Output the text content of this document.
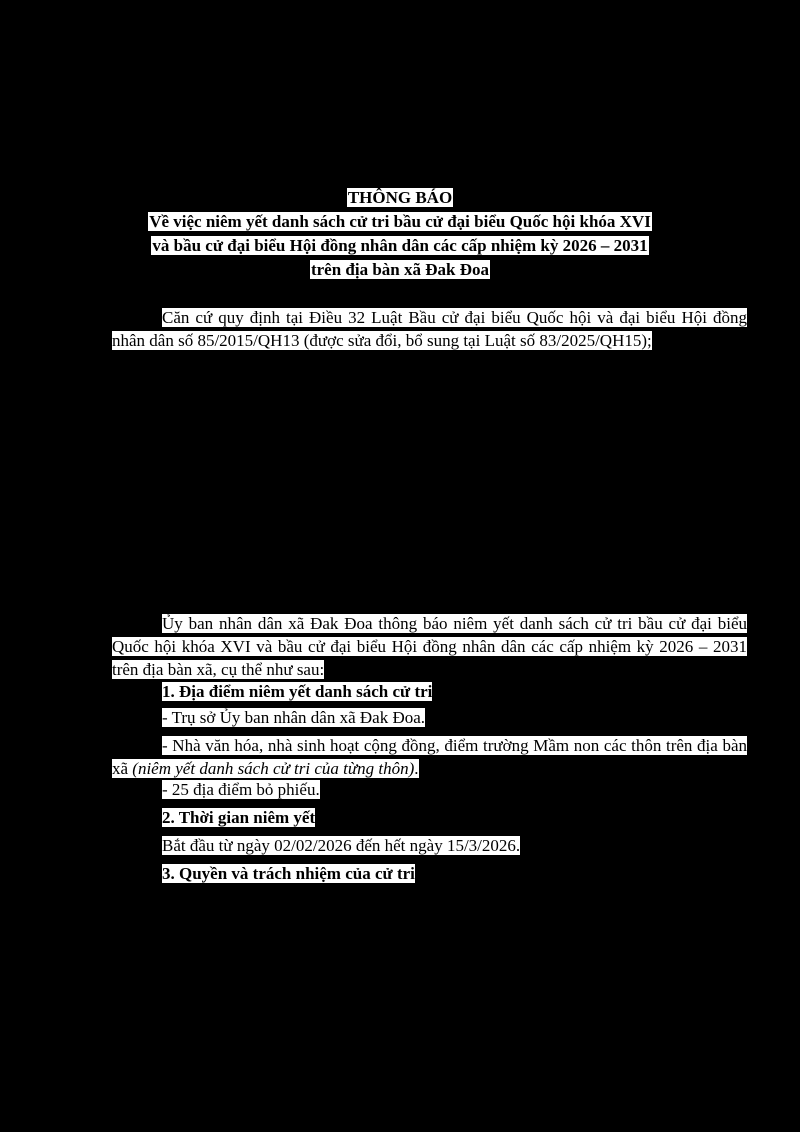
THÔNG BÁO
Về việc niêm yết danh sách cử tri bầu cử đại biểu Quốc hội khóa XVI
và bầu cử đại biểu Hội đồng nhân dân các cấp nhiệm kỳ 2026 – 2031
trên địa bàn xã Đak Đoa
Căn cứ quy định tại Điều 32 Luật Bầu cử đại biểu Quốc hội và đại biểu Hội đồng nhân dân số 85/2015/QH13 (được sửa đổi, bổ sung tại Luật số 83/2025/QH15);
Ủy ban nhân dân xã Đak Đoa thông báo niêm yết danh sách cử tri bầu cử đại biểu Quốc hội khóa XVI và bầu cử đại biểu Hội đồng nhân dân các cấp nhiệm kỳ 2026 – 2031 trên địa bàn xã, cụ thể như sau:
1. Địa điểm niêm yết danh sách cử tri
- Trụ sở Ủy ban nhân dân xã Đak Đoa.
- Nhà văn hóa, nhà sinh hoạt cộng đồng, điểm trường Mầm non các thôn trên địa bàn xã (niêm yết danh sách cử tri của từng thôn).
- 25 địa điểm bỏ phiếu.
2. Thời gian niêm yết
Bắt đầu từ ngày 02/02/2026 đến hết ngày 15/3/2026.
3. Quyền và trách nhiệm của cử tri
